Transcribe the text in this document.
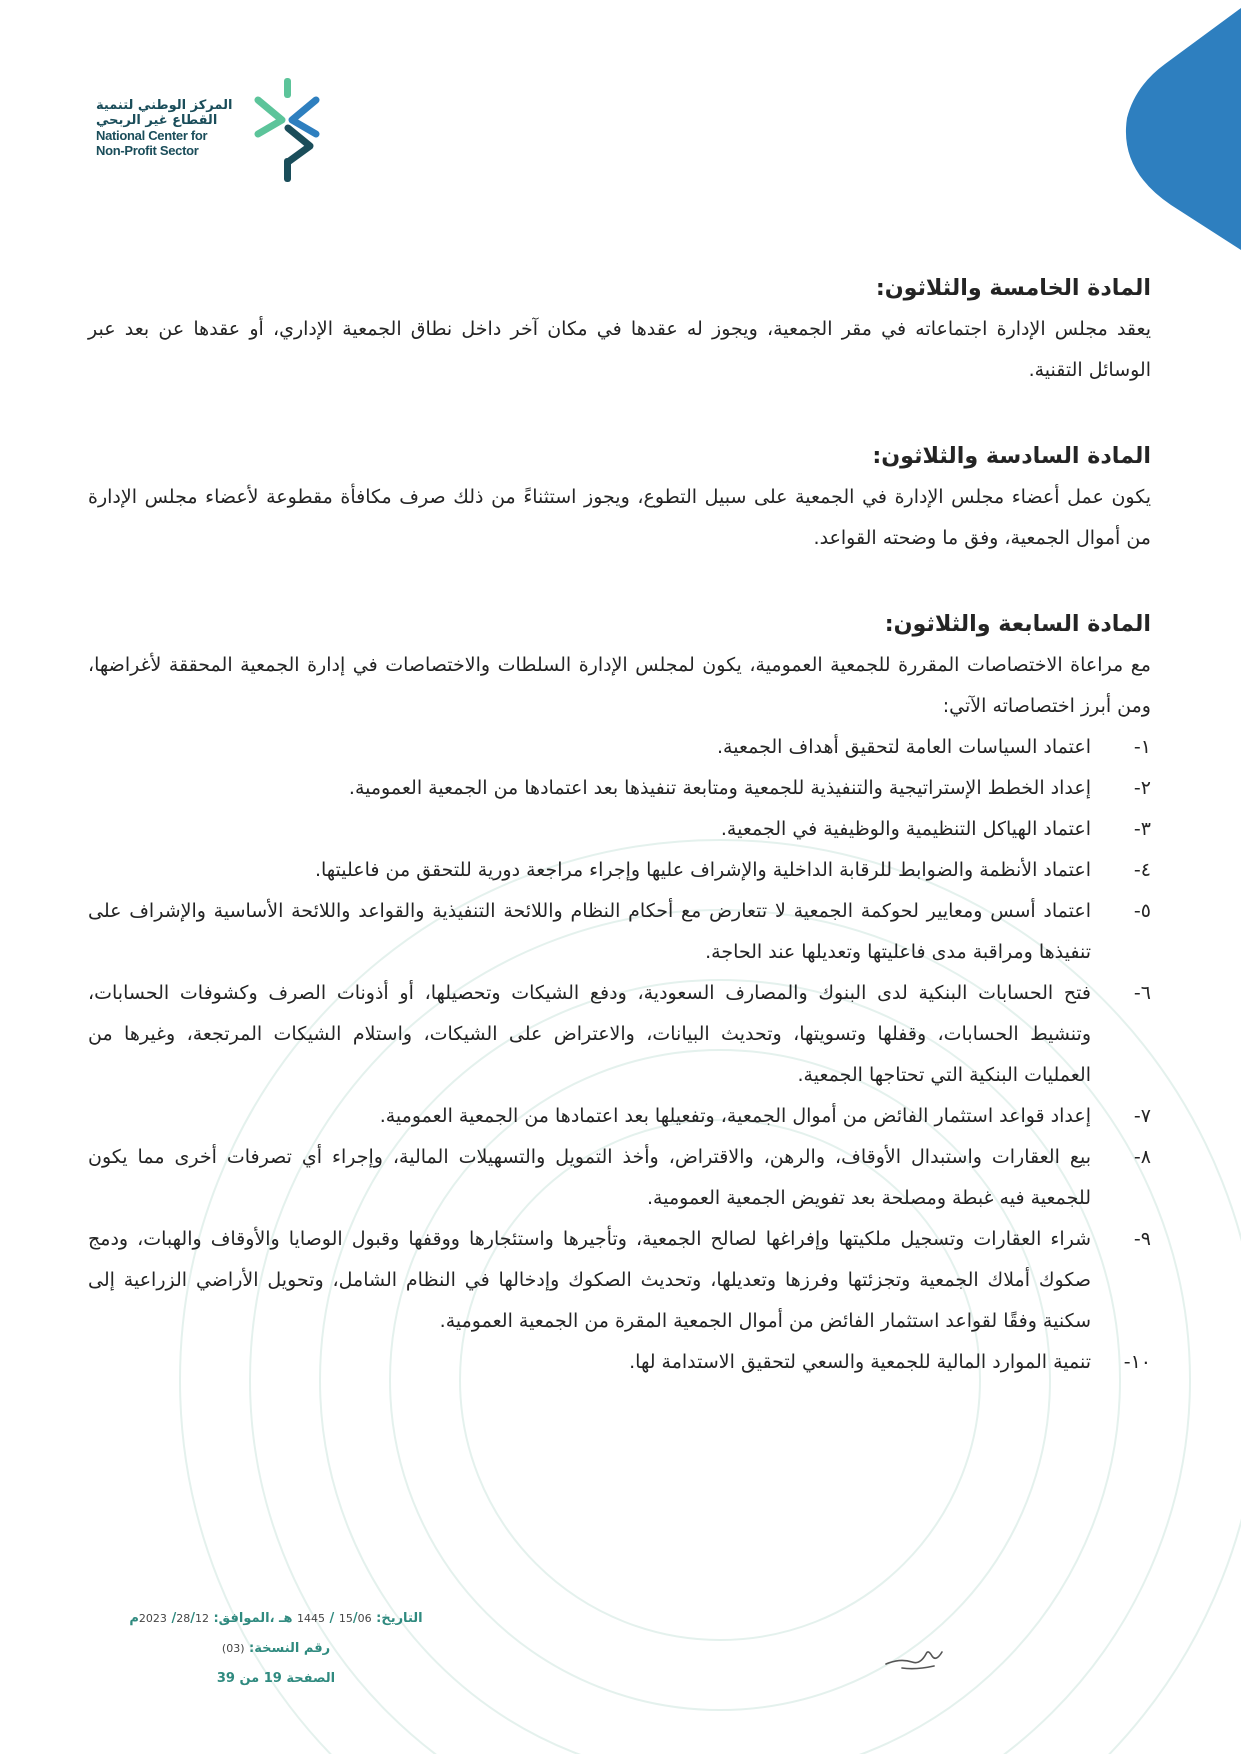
المركز الوطني لتنمية
القطاع غير الربحي
National Center for
Non-Profit Sector
المادة الخامسة والثلاثون:

يعقد مجلس الإدارة اجتماعاته في مقر الجمعية، ويجوز له عقدها في مكان آخر داخل نطاق الجمعية الإداري، أو عقدها عن بعد عبر الوسائل التقنية.

المادة السادسة والثلاثون:

يكون عمل أعضاء مجلس الإدارة في الجمعية على سبيل التطوع، ويجوز استثناءً من ذلك صرف مكافأة مقطوعة لأعضاء مجلس الإدارة من أموال الجمعية، وفق ما وضحته القواعد.

المادة السابعة والثلاثون:

مع مراعاة الاختصاصات المقررة للجمعية العمومية، يكون لمجلس الإدارة السلطات والاختصاصات في إدارة الجمعية المحققة لأغراضها، ومن أبرز اختصاصاته الآتي:

١-
اعتماد السياسات العامة لتحقيق أهداف الجمعية.
٢-
إعداد الخطط الإستراتيجية والتنفيذية للجمعية ومتابعة تنفيذها بعد اعتمادها من الجمعية العمومية.
٣-
اعتماد الهياكل التنظيمية والوظيفية في الجمعية.
٤-
اعتماد الأنظمة والضوابط للرقابة الداخلية والإشراف عليها وإجراء مراجعة دورية للتحقق من فاعليتها.
٥-
اعتماد أسس ومعايير لحوكمة الجمعية لا تتعارض مع أحكام النظام واللائحة التنفيذية والقواعد واللائحة الأساسية والإشراف على تنفيذها ومراقبة مدى فاعليتها وتعديلها عند الحاجة.
٦-
فتح الحسابات البنكية لدى البنوك والمصارف السعودية، ودفع الشيكات وتحصيلها، أو أذونات الصرف وكشوفات الحسابات، وتنشيط الحسابات، وقفلها وتسويتها، وتحديث البيانات، والاعتراض على الشيكات، واستلام الشيكات المرتجعة، وغيرها من العمليات البنكية التي تحتاجها الجمعية.
٧-
إعداد قواعد استثمار الفائض من أموال الجمعية، وتفعيلها بعد اعتمادها من الجمعية العمومية.
٨-
بيع العقارات واستبدال الأوقاف، والرهن، والاقتراض، وأخذ التمويل والتسهيلات المالية، وإجراء أي تصرفات أخرى مما يكون للجمعية فيه غبطة ومصلحة بعد تفويض الجمعية العمومية.
٩-
شراء العقارات وتسجيل ملكيتها وإفراغها لصالح الجمعية، وتأجيرها واستئجارها ووقفها وقبول الوصايا والأوقاف والهبات، ودمج صكوك أملاك الجمعية وتجزئتها وفرزها وتعديلها، وتحديث الصكوك وإدخالها في النظام الشامل، وتحويل الأراضي الزراعية إلى سكنية وفقًا لقواعد استثمار الفائض من أموال الجمعية المقرة من الجمعية العمومية.
١٠-
تنمية الموارد المالية للجمعية والسعي لتحقيق الاستدامة لها.
التاريخ: 15/06 / 1445 هـ ،الموافق: 28/12/ 2023م
رقم النسخة: (03)
الصفحة 19 من 39
